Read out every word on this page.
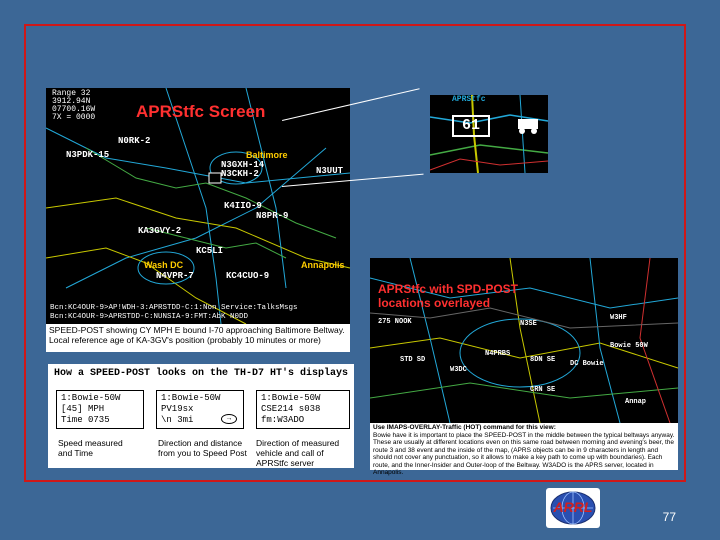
Range 32
3912.94N
07700.16W
7X = 0000 APRStfc Screen
N0RK-2
N3PDK-15	Baltimore
N3GXH-14
N3CKH-2	N3UUT
K4IIO-9
N8PR-9
KA3GVY-2
KC5LI
Wash DC
N4VPR-7	KC4CUO-9
Annapolis
Bcn:KC4OUR-9>AP!WDH-3:APRSTDD-C:1:Non Service:TalksMsgs
Bcn:KC4OUR-9>APRSTDD-C:NUNSIA-9:FMT:AbK N0DD
SPEED-POST showing CY MPH E bound I-70 approaching Baltimore Beltway. Local reference age of KA-3GV's position (probably 10 minutes or more)
APRStfc
61
APRStfc with SPD-POST
locations overlayed
275 NOOK	N3SE
W3HF
STD SD
W3DC
8DN SE
N4PRBS
DC Bowie
Bowie 50W
CRN SE
Annap
Use IMAPS-OVERLAY-Traffic (HOT) command for this view:
Bowie have it is important to place the SPEED-POST in the middle between the typical beltways anyway. These are usually at different locations even on this same road between morning and evening's beer, the route 3 and 38 event and the inside of the map, (APRS objects can be in 9 characters in length and should not cover any punctuation, so it allows to make a key path to come up with boundaries). Each route, and the Inner-Insider and Outer-loop of the Beltway. W3ADO is the APRS server, located in Annapolis.
How a SPEED-POST looks on the TH-D7 HT's displays
1:Bowie-50W
[45] MPH
Time 0735
1:Bowie-50W
PV19sx
\n 3mi	→
1:Bowie-50W
CSE214 s038
fm:W3ADO
Speed measured and Time
Direction and distance from you to Speed Post
Direction of measured vehicle and call of APRStfc server
ARRL
77
